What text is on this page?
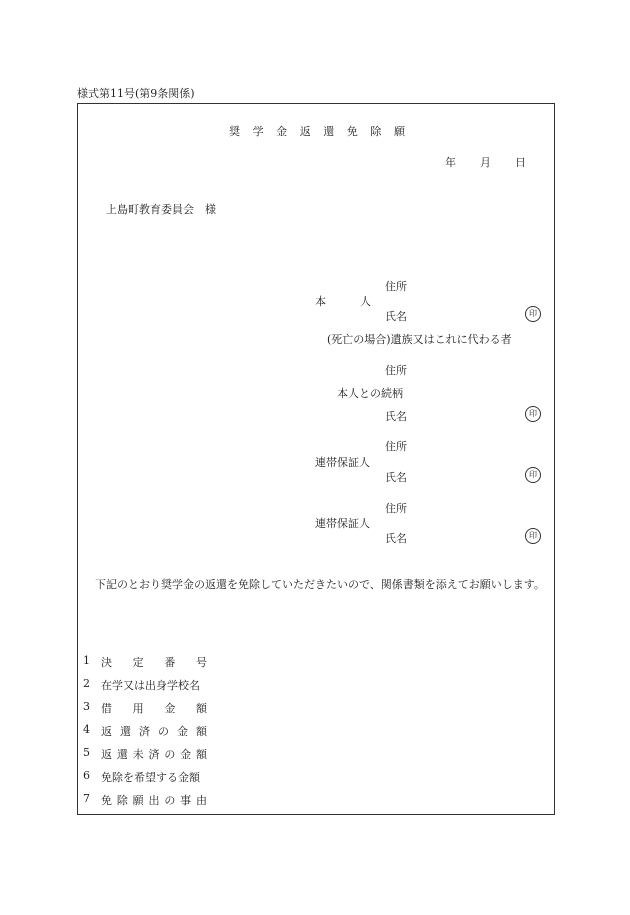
様式第11号(第9条関係)
奨 学 金 返 還 免 除 願
年 月 日
上島町教育委員会　様
住所
本	人
氏名	印
(死亡の場合)遺族又はこれに代わる者
住所
本人との続柄
氏名	印
住所
連帯保証人
氏名	印
住所
連帯保証人
氏名	印
下記のとおり奨学金の返還を免除していただきたいので、関係書類を添えてお願いします。
1 決 定 番 号
2 在学又は出身学校名
3 借 用 金 額
4 返 還 済 の 金 額
5 返 還 未 済 の 金 額
6 免除を希望する金額
7 免 除 願 出 の 事 由
